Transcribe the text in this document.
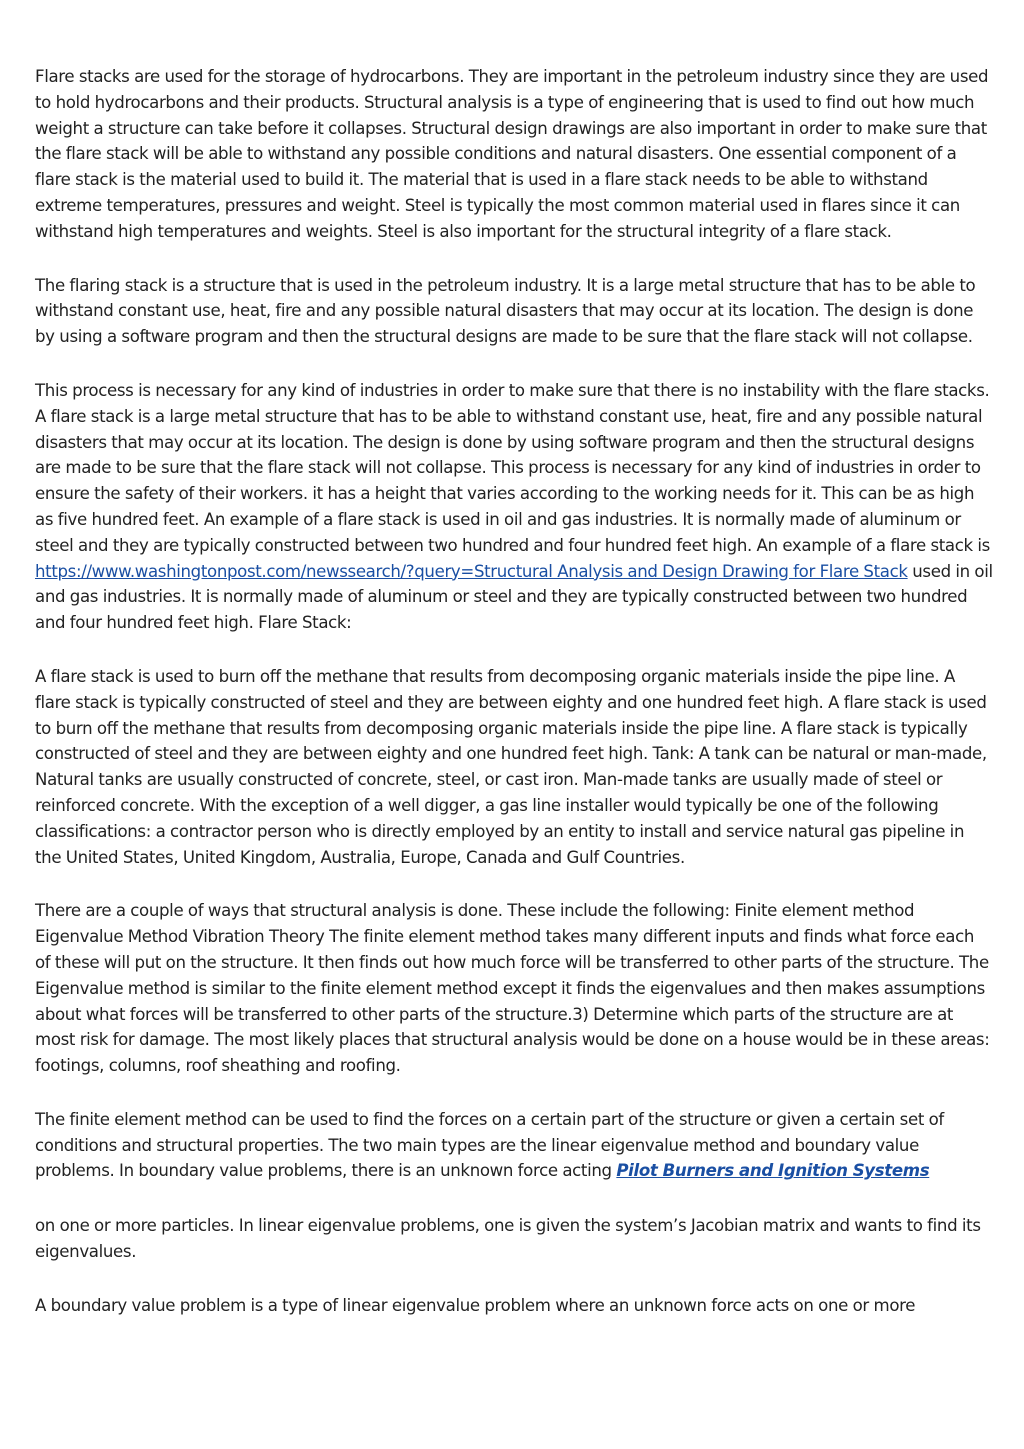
Flare stacks are used for the storage of hydrocarbons. They are important in the petroleum industry since they are used to hold hydrocarbons and their products. Structural analysis is a type of engineering that is used to find out how much weight a structure can take before it collapses. Structural design drawings are also important in order to make sure that the flare stack will be able to withstand any possible conditions and natural disasters. One essential component of a flare stack is the material used to build it. The material that is used in a flare stack needs to be able to withstand extreme temperatures, pressures and weight. Steel is typically the most common material used in flares since it can withstand high temperatures and weights. Steel is also important for the structural integrity of a flare stack.

The flaring stack is a structure that is used in the petroleum industry. It is a large metal structure that has to be able to withstand constant use, heat, fire and any possible natural disasters that may occur at its location. The design is done by using a software program and then the structural designs are made to be sure that the flare stack will not collapse.

This process is necessary for any kind of industries in order to make sure that there is no instability with the flare stacks. A flare stack is a large metal structure that has to be able to withstand constant use, heat, fire and any possible natural disasters that may occur at its location. The design is done by using software program and then the structural designs are made to be sure that the flare stack will not collapse. This process is necessary for any kind of industries in order to ensure the safety of their workers. it has a height that varies according to the working needs for it. This can be as high as five hundred feet. An example of a flare stack is used in oil and gas industries. It is normally made of aluminum or steel and they are typically constructed between two hundred and four hundred feet high. An example of a flare stack is https://www.washingtonpost.com/newssearch/?query=Structural Analysis and Design Drawing for Flare Stack used in oil and gas industries. It is normally made of aluminum or steel and they are typically constructed between two hundred and four hundred feet high. Flare Stack:

A flare stack is used to burn off the methane that results from decomposing organic materials inside the pipe line. A flare stack is typically constructed of steel and they are between eighty and one hundred feet high. A flare stack is used to burn off the methane that results from decomposing organic materials inside the pipe line. A flare stack is typically constructed of steel and they are between eighty and one hundred feet high. Tank: A tank can be natural or man-made, Natural tanks are usually constructed of concrete, steel, or cast iron. Man-made tanks are usually made of steel or reinforced concrete. With the exception of a well digger, a gas line installer would typically be one of the following classifications: a contractor person who is directly employed by an entity to install and service natural gas pipeline in the United States, United Kingdom, Australia, Europe, Canada and Gulf Countries.

There are a couple of ways that structural analysis is done. These include the following: Finite element method Eigenvalue Method Vibration Theory The finite element method takes many different inputs and finds what force each of these will put on the structure. It then finds out how much force will be transferred to other parts of the structure. The Eigenvalue method is similar to the finite element method except it finds the eigenvalues and then makes assumptions about what forces will be transferred to other parts of the structure.3) Determine which parts of the structure are at most risk for damage. The most likely places that structural analysis would be done on a house would be in these areas: footings, columns, roof sheathing and roofing.

The finite element method can be used to find the forces on a certain part of the structure or given a certain set of conditions and structural properties. The two main types are the linear eigenvalue method and boundary value problems. In boundary value problems, there is an unknown force acting Pilot Burners and Ignition Systems

on one or more particles. In linear eigenvalue problems, one is given the system’s Jacobian matrix and wants to find its eigenvalues.

A boundary value problem is a type of linear eigenvalue problem where an unknown force acts on one or more
